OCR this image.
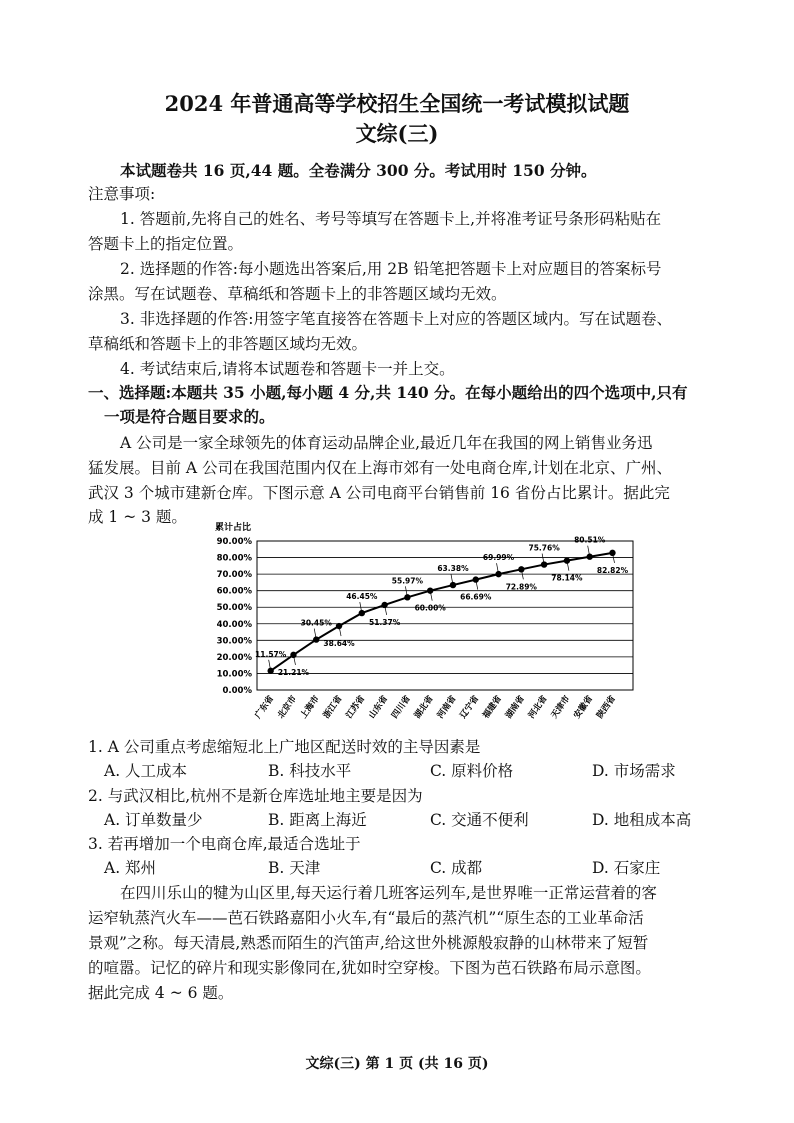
2024 年普通高等学校招生全国统一考试模拟试题
文综(三)
本试题卷共 16 页,44 题。全卷满分 300 分。考试用时 150 分钟。
注意事项:
1. 答题前,先将自己的姓名、考号等填写在答题卡上,并将准考证号条形码粘贴在
答题卡上的指定位置。
2. 选择题的作答:每小题选出答案后,用 2B 铅笔把答题卡上对应题目的答案标号
涂黑。写在试题卷、草稿纸和答题卡上的非答题区域均无效。
3. 非选择题的作答:用签字笔直接答在答题卡上对应的答题区域内。写在试题卷、
草稿纸和答题卡上的非答题区域均无效。
4. 考试结束后,请将本试题卷和答题卡一并上交。
一、选择题:本题共 35 小题,每小题 4 分,共 140 分。在每小题给出的四个选项中,只有
一项是符合题目要求的。
A 公司是一家全球领先的体育运动品牌企业,最近几年在我国的网上销售业务迅
猛发展。目前 A 公司在我国范围内仅在上海市郊有一处电商仓库,计划在北京、广州、
武汉 3 个城市建新仓库。下图示意 A 公司电商平台销售前 16 省份占比累计。据此完
成 1 ~ 3 题。
0.00%
10.00%
20.00%
30.00%
40.00%
50.00%
60.00%
70.00%
80.00%
90.00%
广东省 北京市 上海市 浙江省 江苏省 山东省 四川省 湖北省 河南省 辽宁省 福建省 湖南省 河北省 天津市 安徽省 陕西省
11.57%
21.21%
30.45%
38.64%
46.45%
51.37%
55.97%
60.00%
63.38%
66.69%
69.99%
72.89%
75.76%
78.14%
80.51%
82.82%
累计占比
1. A 公司重点考虑缩短北上广地区配送时效的主导因素是
A. 人工成本	B. 科技水平	C. 原料价格	D. 市场需求
2. 与武汉相比,杭州不是新仓库选址地主要是因为
A. 订单数量少	B. 距离上海近	C. 交通不便利	D. 地租成本高
3. 若再增加一个电商仓库,最适合选址于
A. 郑州	B. 天津	C. 成都	D. 石家庄
在四川乐山的犍为山区里,每天运行着几班客运列车,是世界唯一正常运营着的客
运窄轨蒸汽火车——芭石铁路嘉阳小火车,有“最后的蒸汽机”“原生态的工业革命活
景观”之称。每天清晨,熟悉而陌生的汽笛声,给这世外桃源般寂静的山林带来了短暂
的喧嚣。记忆的碎片和现实影像同在,犹如时空穿梭。下图为芭石铁路布局示意图。
据此完成 4 ~ 6 题。
文综(三) 第 1 页 (共 16 页)
